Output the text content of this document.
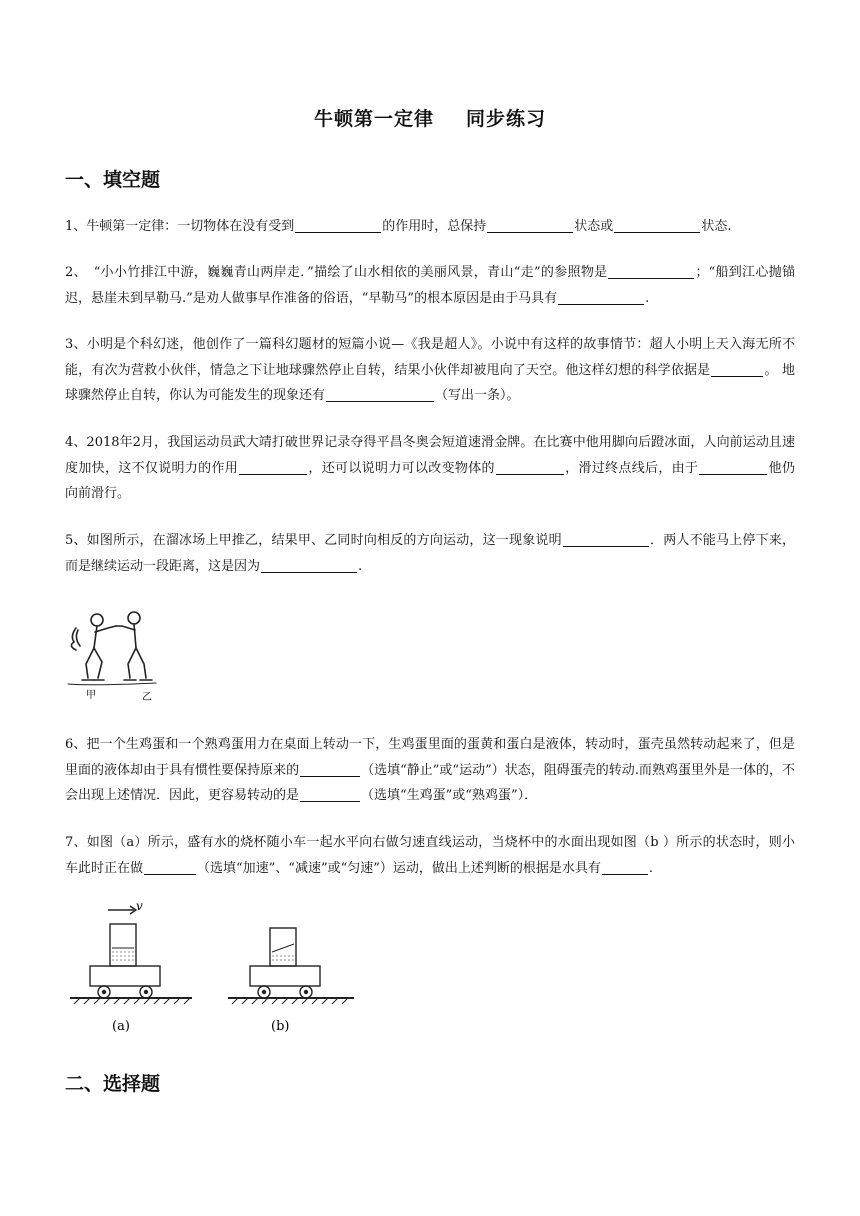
牛顿第一定律 同步练习
一、填空题
1、牛顿第一定律：一切物体在没有受到	的作用时，总保持	状态或	状态.
2、　“小小竹排江中游，巍巍青山两岸走．”描绘了山水相依的美丽风景，青山“走”的参照物是	；“船到江心抛锚迟，悬崖未到早勒马.”是劝人做事早作准备的俗语，“早勒马”的根本原因是由于马具有	.
3、小明是个科幻迷，他创作了一篇科幻题材的短篇小说—《我是超人》。小说中有这样的故事情节：超人小明上天入海无所不能，有次为营救小伙伴，情急之下让地球骤然停止自转，结果小伙伴却被甩向了天空。他这样幻想的科学依据是	。 地球骤然停止自转，你认为可能发生的现象还有	（写出一条）。
4、2018年2月，我国运动员武大靖打破世界记录夺得平昌冬奥会短道速滑金牌。在比赛中他用脚向后蹬冰面，人向前运动且速度加快，这不仅说明力的作用	，还可以说明力可以改变物体的	，滑过终点线后，由于	他仍向前滑行。
5、如图所示，在溜冰场上甲推乙，结果甲、乙同时向相反的方向运动，这一现象说明	．两人不能马上停下来，而是继续运动一段距离，这是因为	.
甲	乙
6、把一个生鸡蛋和一个熟鸡蛋用力在桌面上转动一下，生鸡蛋里面的蛋黄和蛋白是液体，转动时，蛋壳虽然转动起来了，但是里面的液体却由于具有惯性要保持原来的	（选填“静止”或“运动”）状态，阻碍蛋壳的转动.而熟鸡蛋里外是一体的，不会出现上述情况．因此，更容易转动的是	（选填“生鸡蛋”或“熟鸡蛋”）．
7、如图（a）所示，盛有水的烧杯随小车一起水平向右做匀速直线运动，当烧杯中的水面出现如图（b ）所示的状态时，则小车此时正在做	（选填“加速”、“减速”或“匀速”）运动，做出上述判断的根据是水具有	.
v
(a)	(b)
二、选择题
